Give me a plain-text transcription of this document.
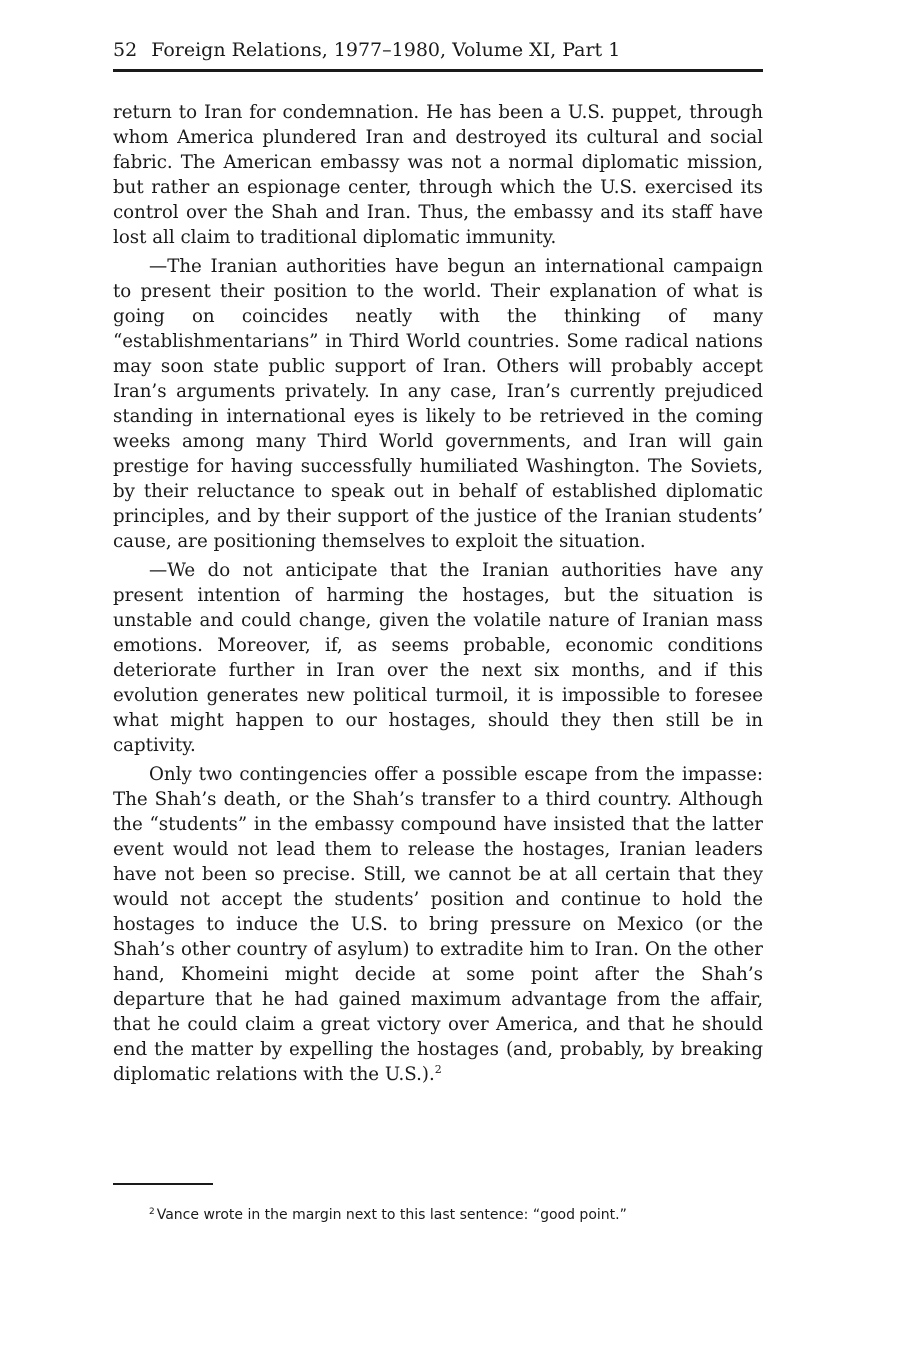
52 Foreign Relations, 1977–1980, Volume XI, Part 1

return to Iran for condemnation. He has been a U.S. puppet, through whom America plundered Iran and destroyed its cultural and social fabric. The American embassy was not a normal diplomatic mission, but rather an espionage center, through which the U.S. exercised its control over the Shah and Iran. Thus, the embassy and its staff have lost all claim to traditional diplomatic immunity.

—The Iranian authorities have begun an international campaign to present their position to the world. Their explanation of what is going on coincides neatly with the thinking of many “establishmentarians” in Third World countries. Some radical nations may soon state public support of Iran. Others will probably accept Iran’s arguments privately. In any case, Iran’s currently prejudiced standing in international eyes is likely to be retrieved in the coming weeks among many Third World governments, and Iran will gain prestige for having successfully humiliated Washington. The Soviets, by their reluctance to speak out in behalf of established diplomatic principles, and by their support of the justice of the Iranian students’ cause, are positioning themselves to exploit the situation.

—We do not anticipate that the Iranian authorities have any present intention of harming the hostages, but the situation is unstable and could change, given the volatile nature of Iranian mass emotions. Moreover, if, as seems probable, economic conditions deteriorate further in Iran over the next six months, and if this evolution generates new political turmoil, it is impossible to foresee what might happen to our hostages, should they then still be in captivity.

Only two contingencies offer a possible escape from the impasse: The Shah’s death, or the Shah’s transfer to a third country. Although the “students” in the embassy compound have insisted that the latter event would not lead them to release the hostages, Iranian leaders have not been so precise. Still, we cannot be at all certain that they would not accept the students’ position and continue to hold the hostages to induce the U.S. to bring pressure on Mexico (or the Shah’s other country of asylum) to extradite him to Iran. On the other hand, Khomeini might decide at some point after the Shah’s departure that he had gained maximum advantage from the affair, that he could claim a great victory over America, and that he should end the matter by expelling the hostages (and, probably, by breaking diplomatic relations with the U.S.).$^2$

$^2$ Vance wrote in the margin next to this last sentence: “good point.”
